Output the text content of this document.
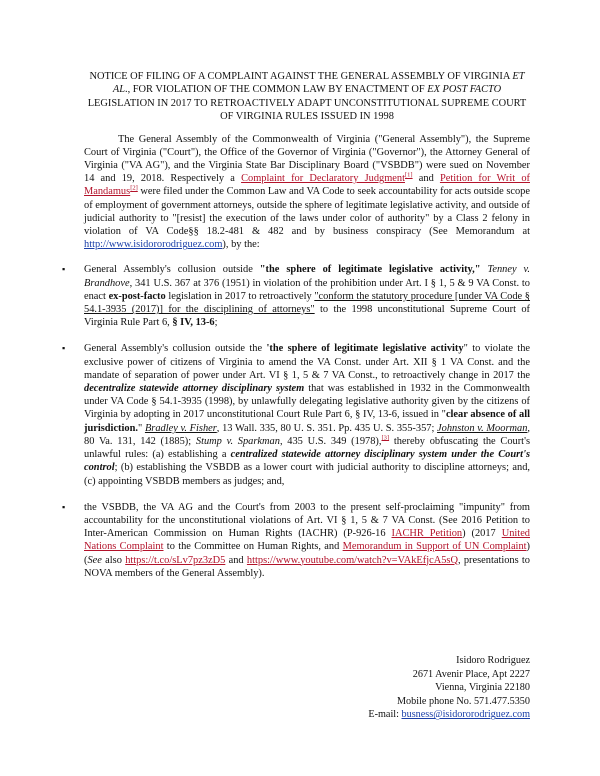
NOTICE OF FILING OF A COMPLAINT AGAINST THE GENERAL ASSEMBLY OF VIRGINIA ET AL., FOR VIOLATION OF THE COMMON LAW BY ENACTMENT OF EX POST FACTO LEGISLATION IN 2017 TO RETROACTIVELY ADAPT UNCONSTITUTIONAL SUPREME COURT OF VIRGINIA RULES ISSUED IN 1998

The General Assembly of the Commonwealth of Virginia ("General Assembly"), the Supreme Court of Virginia ("Court"), the Office of the Governor of Virginia ("Governor"), the Attorney General of Virginia ("VA AG"), and the Virginia State Bar Disciplinary Board ("VSBDB") were sued on November 14 and 19, 2018. Respectively a Complaint for Declaratory Judgment[1] and Petition for Writ of Mandamus[2] were filed under the Common Law and VA Code to seek accountability for acts outside scope of employment of government attorneys, outside the sphere of legitimate legislative activity, and outside of judicial authority to "[resist] the execution of the laws under color of authority" by a Class 2 felony in violation of VA Code§§ 18.2-481 & 482 and by business conspiracy (See Memorandum at http://www.isidororodriguez.com), by the:

▪ General Assembly's collusion outside "the sphere of legitimate legislative activity," Tenney v. Brandhove, 341 U.S. 367 at 376 (1951) in violation of the prohibition under Art. I § 1, 5 & 9 VA Const. to enact ex-post-facto legislation in 2017 to retroactively "conform the statutory procedure [under VA Code § 54.1-3935 (2017)] for the disciplining of attorneys" to the 1998 unconstitutional Supreme Court of Virginia Rule Part 6, § IV, 13-6;
▪ General Assembly's collusion outside the 'the sphere of legitimate legislative activity" to violate the exclusive power of citizens of Virginia to amend the VA Const. under Art. XII § 1 VA Const. and the mandate of separation of power under Art. VI § 1, 5 & 7 VA Const., to retroactively change in 2017 the decentralize statewide attorney disciplinary system that was established in 1932 in the Commonwealth under VA Code § 54.1-3935 (1998), by unlawfully delegating legislative authority given by the citizens of Virginia by adopting in 2017 unconstitutional Court Rule Part 6, § IV, 13-6, issued in "clear absence of all jurisdiction." Bradley v. Fisher, 13 Wall. 335, 80 U. S. 351. Pp. 435 U. S. 355-357; Johnston v. Moorman, 80 Va. 131, 142 (1885); Stump v. Sparkman, 435 U.S. 349 (1978),[3] thereby obfuscating the Court's unlawful rules: (a) establishing a centralized statewide attorney disciplinary system under the Court's control; (b) establishing the VSBDB as a lower court with judicial authority to discipline attorneys; and, (c) appointing VSBDB members as judges; and,
▪ the VSBDB, the VA AG and the Court's from 2003 to the present self-proclaiming "impunity" from accountability for the unconstitutional violations of Art. VI § 1, 5 & 7 VA Const. (See 2016 Petition to Inter-American Commission on Human Rights (IACHR) (P-926-16 IACHR Petition) (2017 United Nations Complaint to the Committee on Human Rights, and Memorandum in Support of UN Complaint) (See also https://t.co/sLv7pz3zD5 and https://www.youtube.com/watch?v=VAkEfjcA5sQ, presentations to NOVA members of the General Assembly).
Isidoro Rodriguez
2671 Avenir Place, Apt 2227
Vienna, Virginia 22180
Mobile phone No. 571.477.5350
E-mail: busness@isidororodriguez.com
